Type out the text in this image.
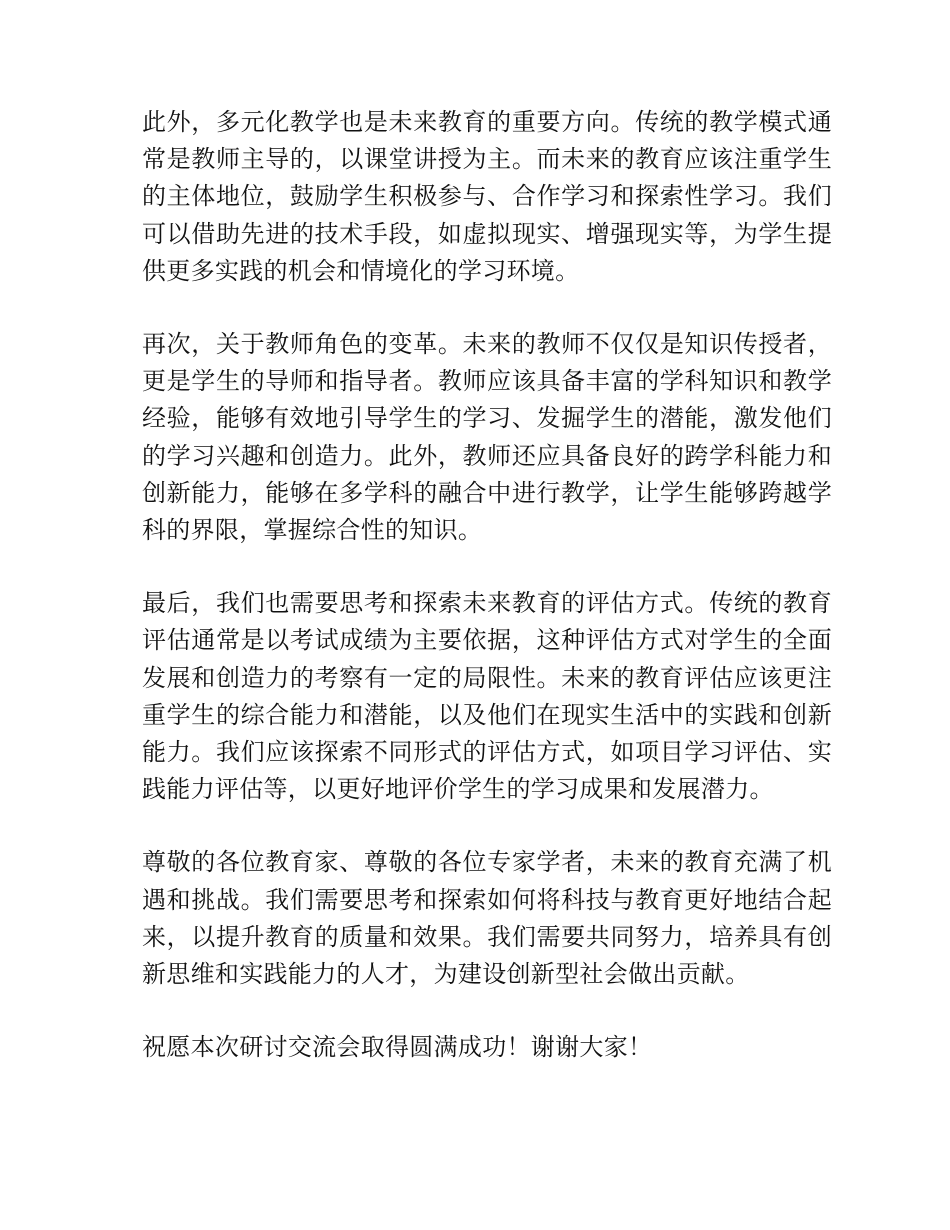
此外，多元化教学也是未来教育的重要方向。传统的教学模式通常是教师主导的，以课堂讲授为主。而未来的教育应该注重学生的主体地位，鼓励学生积极参与、合作学习和探索性学习。我们可以借助先进的技术手段，如虚拟现实、增强现实等，为学生提供更多实践的机会和情境化的学习环境。

再次，关于教师角色的变革。未来的教师不仅仅是知识传授者，更是学生的导师和指导者。教师应该具备丰富的学科知识和教学经验，能够有效地引导学生的学习、发掘学生的潜能，激发他们的学习兴趣和创造力。此外，教师还应具备良好的跨学科能力和创新能力，能够在多学科的融合中进行教学，让学生能够跨越学科的界限，掌握综合性的知识。

最后，我们也需要思考和探索未来教育的评估方式。传统的教育评估通常是以考试成绩为主要依据，这种评估方式对学生的全面发展和创造力的考察有一定的局限性。未来的教育评估应该更注重学生的综合能力和潜能，以及他们在现实生活中的实践和创新能力。我们应该探索不同形式的评估方式，如项目学习评估、实践能力评估等，以更好地评价学生的学习成果和发展潜力。

尊敬的各位教育家、尊敬的各位专家学者，未来的教育充满了机遇和挑战。我们需要思考和探索如何将科技与教育更好地结合起来，以提升教育的质量和效果。我们需要共同努力，培养具有创新思维和实践能力的人才，为建设创新型社会做出贡献。

祝愿本次研讨交流会取得圆满成功！谢谢大家！
